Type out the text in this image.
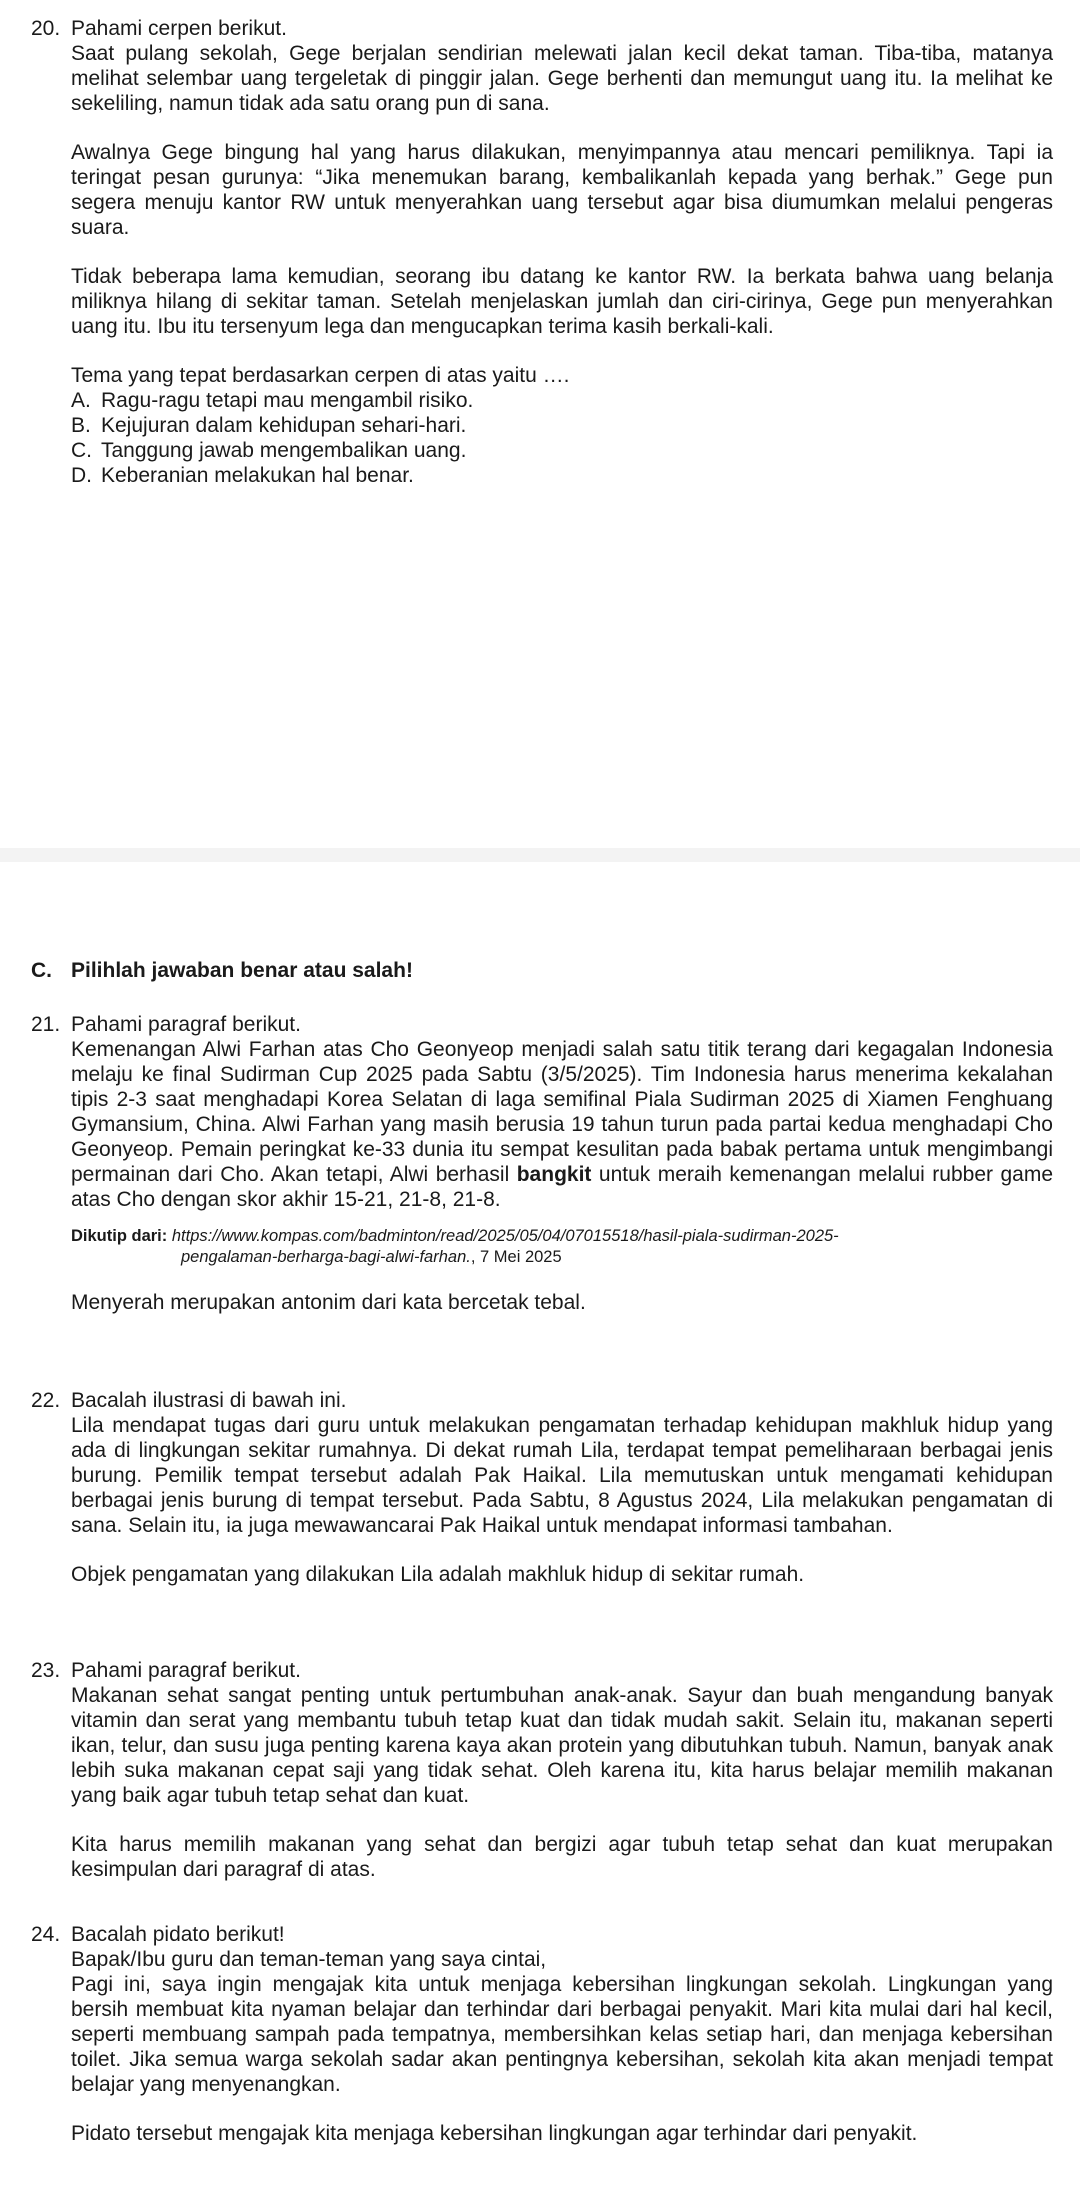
20. Pahami cerpen berikut.

Saat pulang sekolah, Gege berjalan sendirian melewati jalan kecil dekat taman. Tiba-tiba, matanya melihat selembar uang tergeletak di pinggir jalan. Gege berhenti dan memungut uang itu. Ia melihat ke sekeliling, namun tidak ada satu orang pun di sana.

Awalnya Gege bingung hal yang harus dilakukan, menyimpannya atau mencari pemiliknya. Tapi ia teringat pesan gurunya: “Jika menemukan barang, kembalikanlah kepada yang berhak.” Gege pun segera menuju kantor RW untuk menyerahkan uang tersebut agar bisa diumumkan melalui pengeras suara.

Tidak beberapa lama kemudian, seorang ibu datang ke kantor RW. Ia berkata bahwa uang belanja miliknya hilang di sekitar taman. Setelah menjelaskan jumlah dan ciri-cirinya, Gege pun menyerahkan uang itu. Ibu itu tersenyum lega dan mengucapkan terima kasih berkali-kali.

Tema yang tepat berdasarkan cerpen di atas yaitu ….

A. Ragu-ragu tetapi mau mengambil risiko.
B. Kejujuran dalam kehidupan sehari-hari.
C. Tanggung jawab mengembalikan uang.
D. Keberanian melakukan hal benar.
C. Pilihlah jawaban benar atau salah!
21. Pahami paragraf berikut.

Kemenangan Alwi Farhan atas Cho Geonyeop menjadi salah satu titik terang dari kegagalan Indonesia melaju ke final Sudirman Cup 2025 pada Sabtu (3/5/2025). Tim Indonesia harus menerima kekalahan tipis 2-3 saat menghadapi Korea Selatan di laga semifinal Piala Sudirman 2025 di Xiamen Fenghuang Gymansium, China. Alwi Farhan yang masih berusia 19 tahun turun pada partai kedua menghadapi Cho Geonyeop. Pemain peringkat ke-33 dunia itu sempat kesulitan pada babak pertama untuk mengimbangi permainan dari Cho. Akan tetapi, Alwi berhasil bangkit untuk meraih kemenangan melalui rubber game atas Cho dengan skor akhir 15-21, 21-8, 21-8.

Dikutip dari: https://www.kompas.com/badminton/read/2025/05/04/07015518/hasil-piala-sudirman-2025-
pengalaman-berharga-bagi-alwi-farhan., 7 Mei 2025

Menyerah merupakan antonim dari kata bercetak tebal.

22. Bacalah ilustrasi di bawah ini.

Lila mendapat tugas dari guru untuk melakukan pengamatan terhadap kehidupan makhluk hidup yang ada di lingkungan sekitar rumahnya. Di dekat rumah Lila, terdapat tempat pemeliharaan berbagai jenis burung. Pemilik tempat tersebut adalah Pak Haikal. Lila memutuskan untuk mengamati kehidupan berbagai jenis burung di tempat tersebut. Pada Sabtu, 8 Agustus 2024, Lila melakukan pengamatan di sana. Selain itu, ia juga mewawancarai Pak Haikal untuk mendapat informasi tambahan.

Objek pengamatan yang dilakukan Lila adalah makhluk hidup di sekitar rumah.

23. Pahami paragraf berikut.

Makanan sehat sangat penting untuk pertumbuhan anak-anak. Sayur dan buah mengandung banyak vitamin dan serat yang membantu tubuh tetap kuat dan tidak mudah sakit. Selain itu, makanan seperti ikan, telur, dan susu juga penting karena kaya akan protein yang dibutuhkan tubuh. Namun, banyak anak lebih suka makanan cepat saji yang tidak sehat. Oleh karena itu, kita harus belajar memilih makanan yang baik agar tubuh tetap sehat dan kuat.

Kita harus memilih makanan yang sehat dan bergizi agar tubuh tetap sehat dan kuat merupakan kesimpulan dari paragraf di atas.

24. Bacalah pidato berikut!

Bapak/Ibu guru dan teman-teman yang saya cintai,

Pagi ini, saya ingin mengajak kita untuk menjaga kebersihan lingkungan sekolah. Lingkungan yang bersih membuat kita nyaman belajar dan terhindar dari berbagai penyakit. Mari kita mulai dari hal kecil, seperti membuang sampah pada tempatnya, membersihkan kelas setiap hari, dan menjaga kebersihan toilet. Jika semua warga sekolah sadar akan pentingnya kebersihan, sekolah kita akan menjadi tempat belajar yang menyenangkan.

Pidato tersebut mengajak kita menjaga kebersihan lingkungan agar terhindar dari penyakit.
